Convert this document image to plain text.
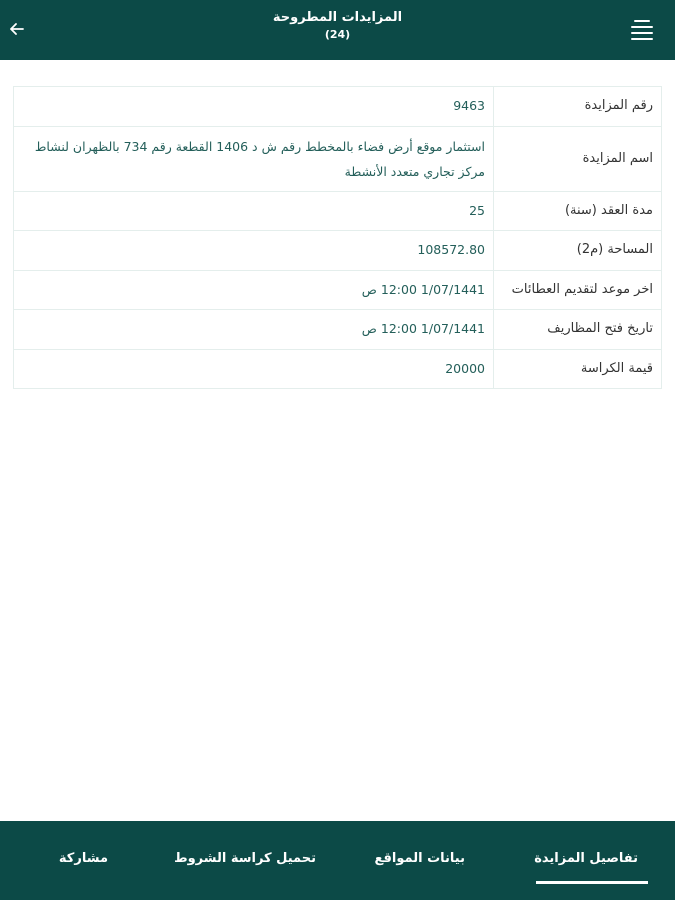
المزايدات المطروحة
(24)
رقم المزايدة	9463
اسم المزايدة	استثمار موقع أرض فضاء بالمخطط رقم ش د 1406 القطعة رقم 734 بالظهران لنشاط مركز تجاري متعدد الأنشطة
مدة العقد (سنة)	25
المساحة (م2)	108572.80
اخر موعد لتقديم العطائات	1/07/1441 12:00 ص
تاريخ فتح المظاريف	1/07/1441 12:00 ص
قيمة الكراسة	20000
تفاصيل المزايدة
بيانات المواقع
تحميل كراسة الشروط
مشاركة
